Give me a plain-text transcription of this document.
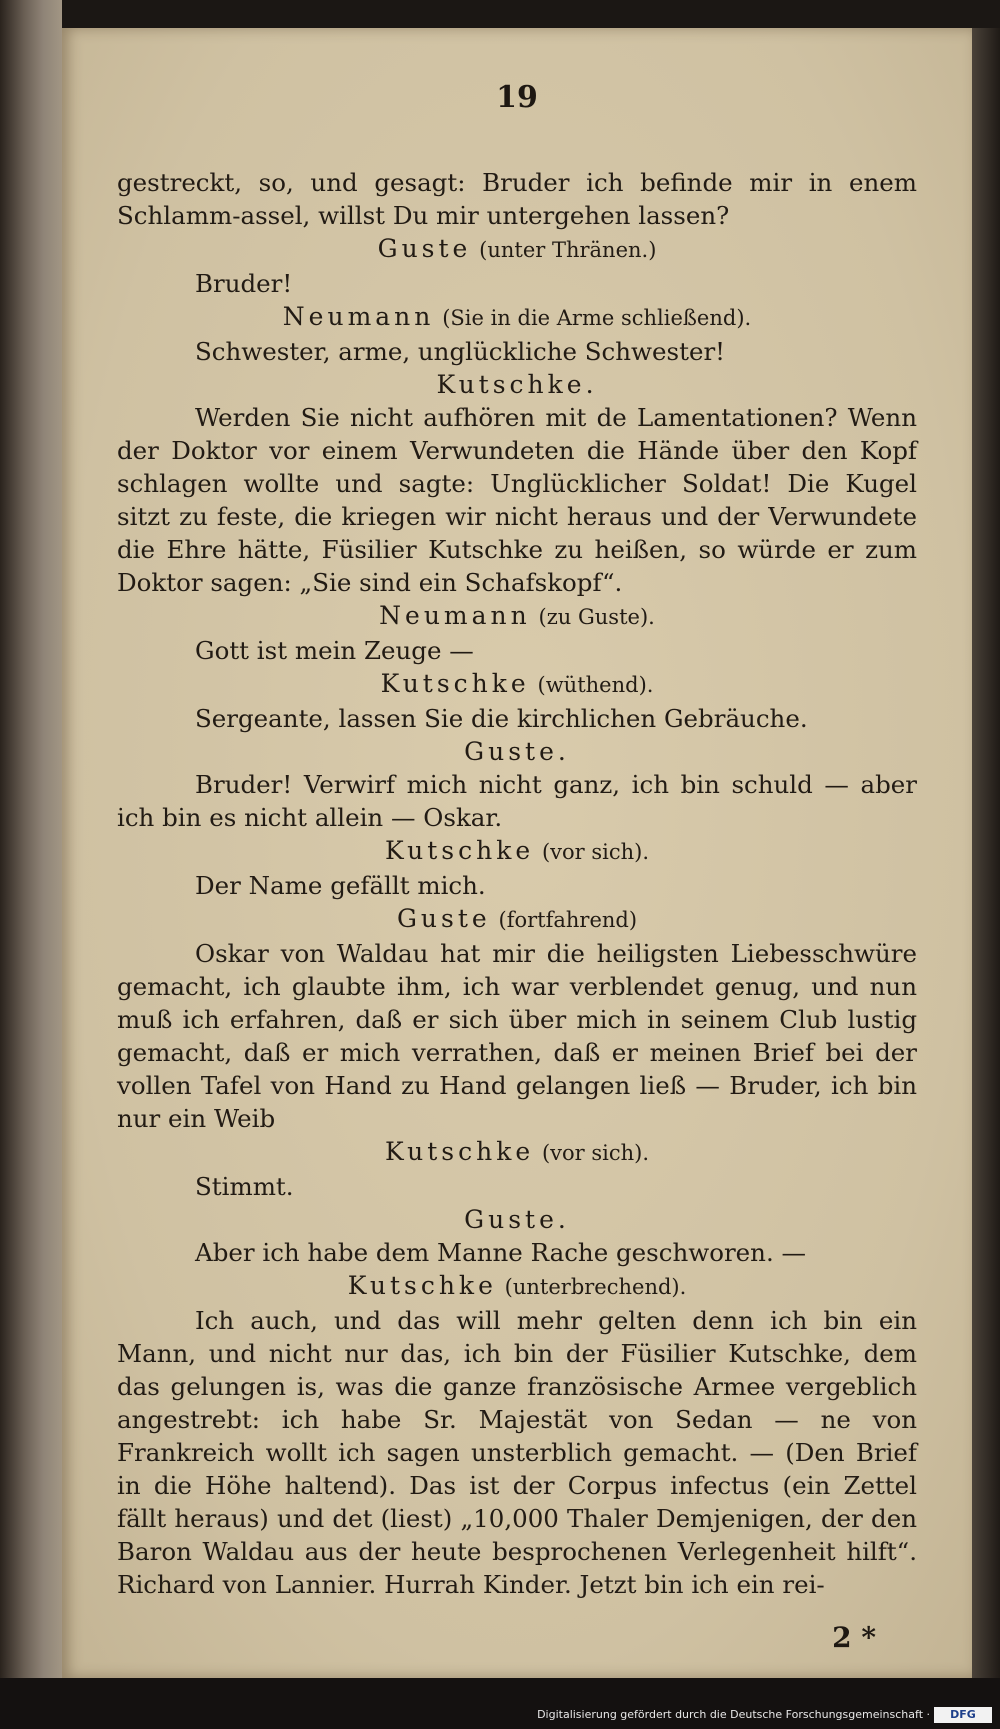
19

gestreckt, so, und gesagt: Bruder ich befinde mir in enem Schlamm-assel, willst Du mir untergehen lassen?

Guste (unter Thränen.)

Bruder!

Neumann (Sie in die Arme schließend).

Schwester, arme, unglückliche Schwester!

Kutschke.

Werden Sie nicht aufhören mit de Lamentationen? Wenn der Doktor vor einem Verwundeten die Hände über den Kopf schlagen wollte und sagte: Unglücklicher Soldat! Die Kugel sitzt zu feste, die kriegen wir nicht heraus und der Verwundete die Ehre hätte, Füsilier Kutschke zu heißen, so würde er zum Doktor sagen: „Sie sind ein Schafskopf“.

Neumann (zu Guste).

Gott ist mein Zeuge —

Kutschke (wüthend).

Sergeante, lassen Sie die kirchlichen Gebräuche.

Guste.

Bruder! Verwirf mich nicht ganz, ich bin schuld — aber ich bin es nicht allein — Oskar.

Kutschke (vor sich).

Der Name gefällt mich.

Guste (fortfahrend)

Oskar von Waldau hat mir die heiligsten Liebesschwüre gemacht, ich glaubte ihm, ich war verblendet genug, und nun muß ich erfahren, daß er sich über mich in seinem Club lustig gemacht, daß er mich verrathen, daß er meinen Brief bei der vollen Tafel von Hand zu Hand gelangen ließ — Bruder, ich bin nur ein Weib

Kutschke (vor sich).

Stimmt.

Guste.

Aber ich habe dem Manne Rache geschworen. —

Kutschke (unterbrechend).

Ich auch, und das will mehr gelten denn ich bin ein Mann, und nicht nur das, ich bin der Füsilier Kutschke, dem das gelungen is, was die ganze französische Armee vergeblich angestrebt: ich habe Sr. Majestät von Sedan — ne von Frankreich wollt ich sagen unsterblich gemacht. — (Den Brief in die Höhe haltend). Das ist der Corpus infectus (ein Zettel fällt heraus) und det (liest) „10,000 Thaler Demjenigen, der den Baron Waldau aus der heute besprochenen Verlegenheit hilft“. Richard von Lannier. Hurrah Kinder. Jetzt bin ich ein rei-

2 *
Digitalisierung gefördert durch die Deutsche Forschungsgemeinschaft ·	DFG
